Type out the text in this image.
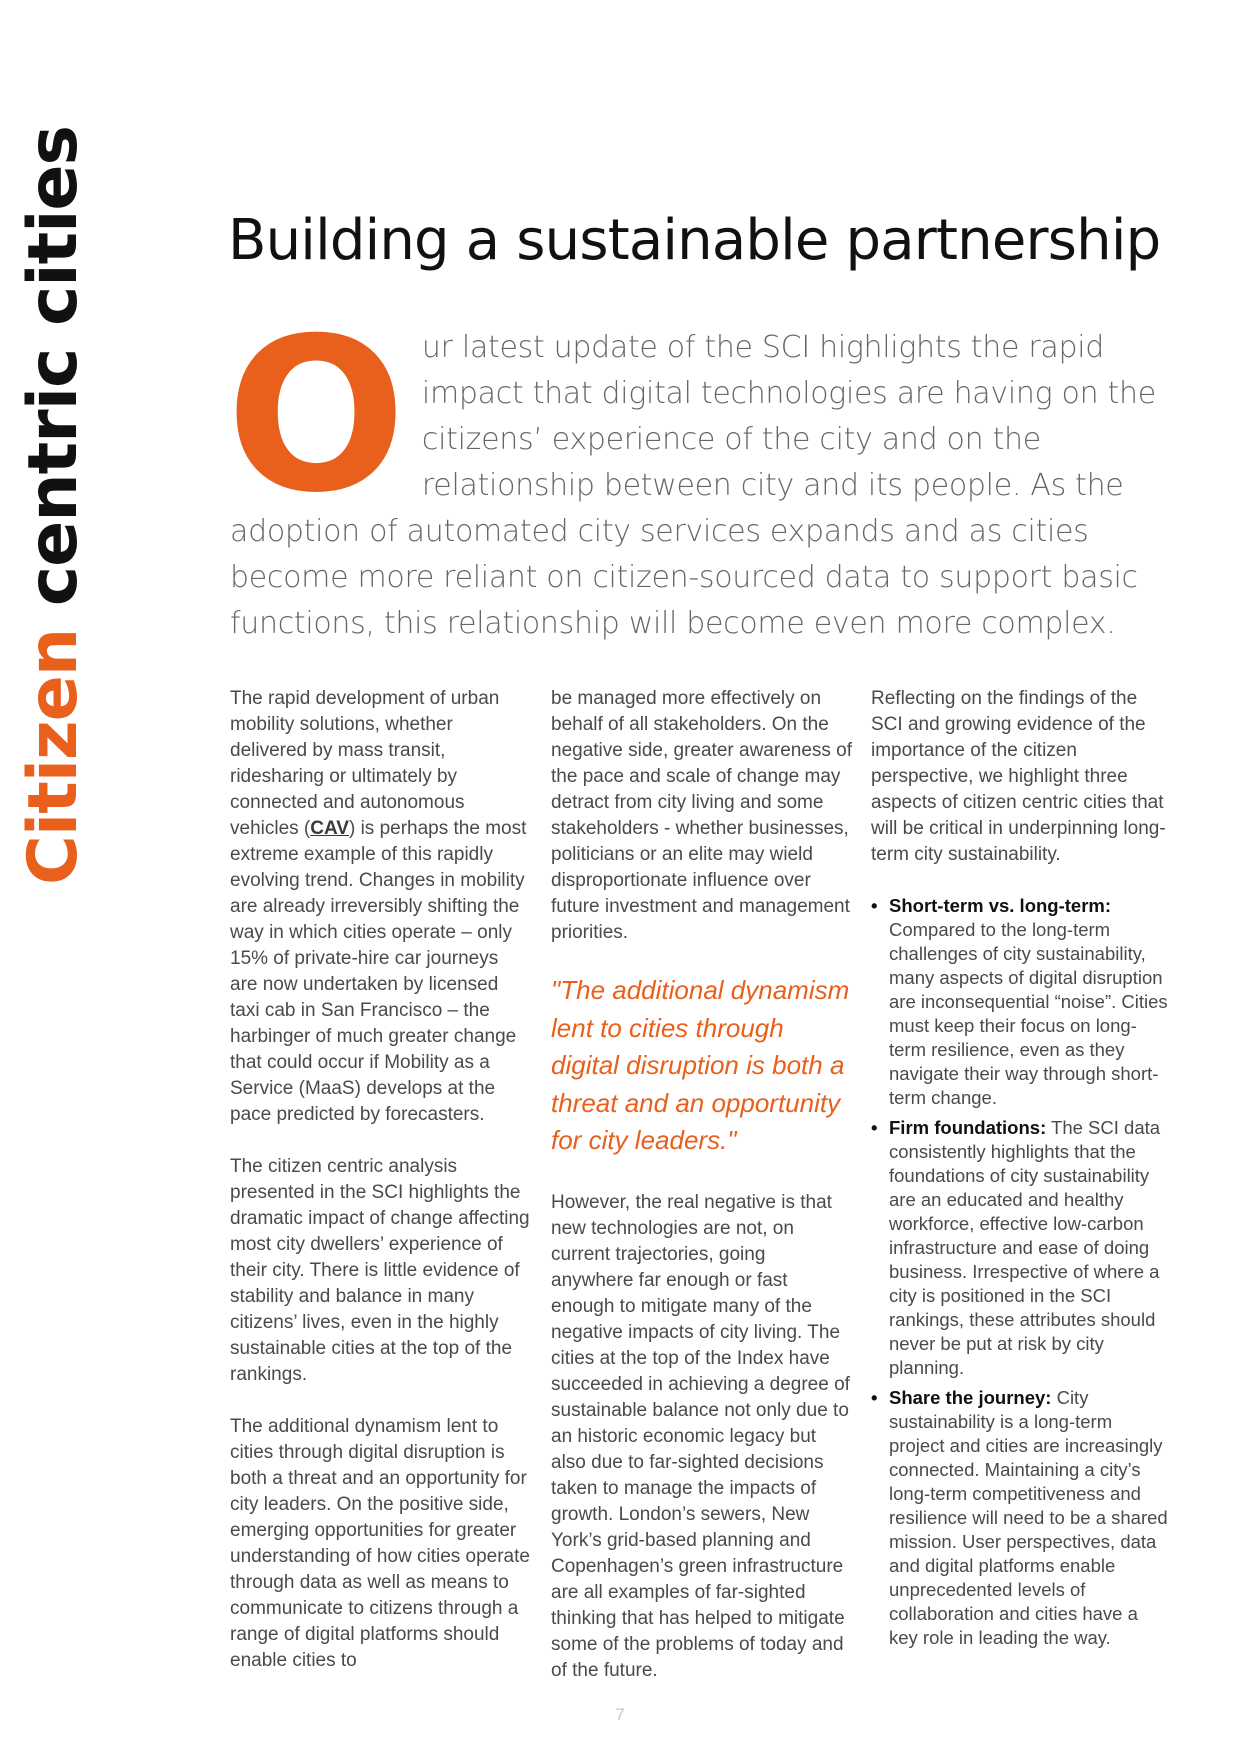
Citizen centric cities Building a sustainable partnership
O ur latest update of the SCI highlights the rapid impact that digital technologies are having on the citizens’ experience of the city and on the relationship between city and its people. As the adoption of automated city services expands and as cities become more reliant on citizen-sourced data to support basic functions, this relationship will become even more complex.

The rapid development of urban mobility solutions, whether delivered by mass transit, ridesharing or ultimately by connected and autonomous vehicles (CAV) is perhaps the most extreme example of this rapidly evolving trend. Changes in mobility are already irreversibly shifting the way in which cities operate – only 15% of private-hire car journeys are now undertaken by licensed taxi cab in San Francisco – the harbinger of much greater change that could occur if Mobility as a Service (MaaS) develops at the pace predicted by forecasters.

The citizen centric analysis presented in the SCI highlights the dramatic impact of change affecting most city dwellers’ experience of their city. There is little evidence of stability and balance in many citizens’ lives, even in the highly sustainable cities at the top of the rankings.

The additional dynamism lent to cities through digital disruption is both a threat and an opportunity for city leaders. On the positive side, emerging opportunities for greater understanding of how cities operate through data as well as means to communicate to citizens through a range of digital platforms should enable cities to

be managed more effectively on behalf of all stakeholders. On the negative side, greater awareness of the pace and scale of change may detract from city living and some stakeholders - whether businesses, politicians or an elite may wield disproportionate influence over future investment and management priorities.

"The additional dynamism lent to cities through digital disruption is both a threat and an opportunity for city leaders."

However, the real negative is that new technologies are not, on current trajectories, going anywhere far enough or fast enough to mitigate many of the negative impacts of city living. The cities at the top of the Index have succeeded in achieving a degree of sustainable balance not only due to an historic economic legacy but also due to far-sighted decisions taken to manage the impacts of growth. London’s sewers, New York’s grid-based planning and Copenhagen’s green infrastructure are all examples of far-sighted thinking that has helped to mitigate some of the problems of today and of the future.

Reflecting on the findings of the SCI and growing evidence of the importance of the citizen perspective, we highlight three aspects of citizen centric cities that will be critical in underpinning long-term city sustainability.

• Short-term vs. long-term: Compared to the long-term challenges of city sustainability, many aspects of digital disruption are inconsequential “noise”. Cities must keep their focus on long-term resilience, even as they navigate their way through short-term change.
• Firm foundations: The SCI data consistently highlights that the foundations of city sustainability are an educated and healthy workforce, effective low-carbon infrastructure and ease of doing business. Irrespective of where a city is positioned in the SCI rankings, these attributes should never be put at risk by city planning.
• Share the journey: City sustainability is a long-term project and cities are increasingly connected. Maintaining a city’s long-term competitiveness and resilience will need to be a shared mission. User perspectives, data and digital platforms enable unprecedented levels of collaboration and cities have a key role in leading the way.
7
